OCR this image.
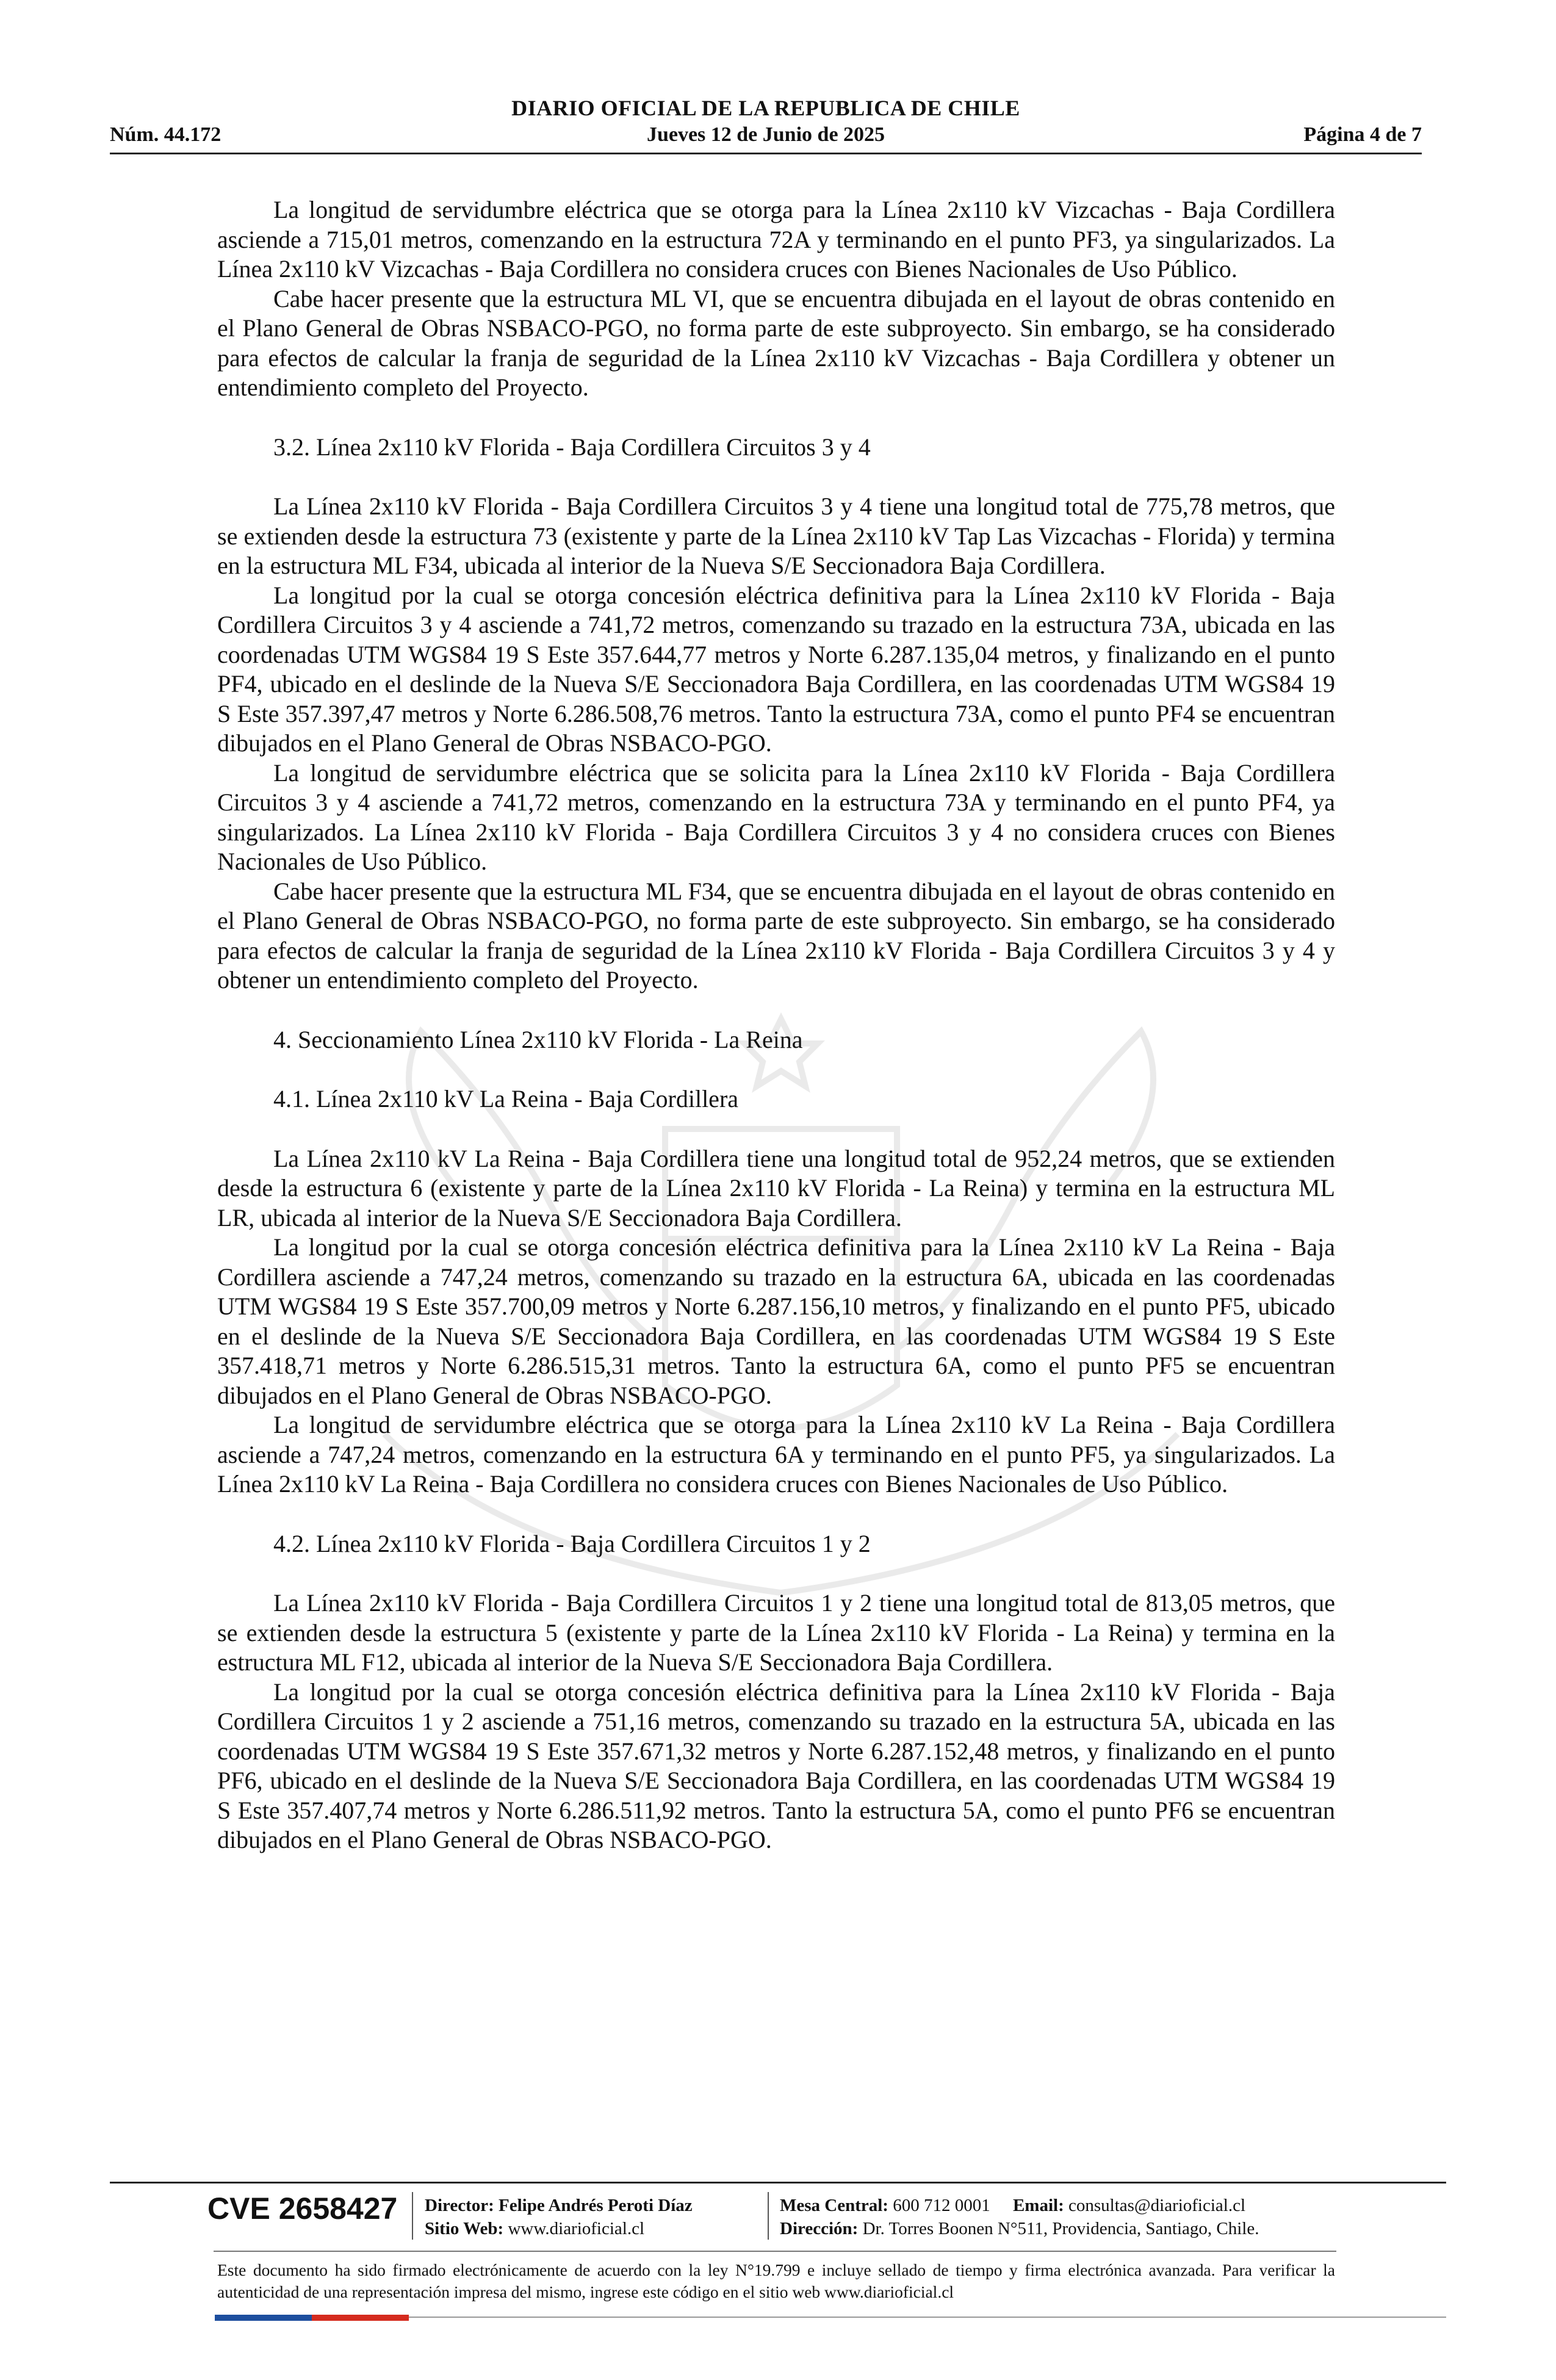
DIARIO OFICIAL DE LA REPUBLICA DE CHILE
Núm. 44.172	Jueves 12 de Junio de 2025	Página 4 de 7

La longitud de servidumbre eléctrica que se otorga para la Línea 2x110 kV Vizcachas - Baja Cordillera asciende a 715,01 metros, comenzando en la estructura 72A y terminando en el punto PF3, ya singularizados. La Línea 2x110 kV Vizcachas - Baja Cordillera no considera cruces con Bienes Nacionales de Uso Público.

Cabe hacer presente que la estructura ML VI, que se encuentra dibujada en el layout de obras contenido en el Plano General de Obras NSBACO-PGO, no forma parte de este subproyecto. Sin embargo, se ha considerado para efectos de calcular la franja de seguridad de la Línea 2x110 kV Vizcachas - Baja Cordillera y obtener un entendimiento completo del Proyecto.

3.2. Línea 2x110 kV Florida - Baja Cordillera Circuitos 3 y 4

La Línea 2x110 kV Florida - Baja Cordillera Circuitos 3 y 4 tiene una longitud total de 775,78 metros, que se extienden desde la estructura 73 (existente y parte de la Línea 2x110 kV Tap Las Vizcachas - Florida) y termina en la estructura ML F34, ubicada al interior de la Nueva S/E Seccionadora Baja Cordillera.

La longitud por la cual se otorga concesión eléctrica definitiva para la Línea 2x110 kV Florida - Baja Cordillera Circuitos 3 y 4 asciende a 741,72 metros, comenzando su trazado en la estructura 73A, ubicada en las coordenadas UTM WGS84 19 S Este 357.644,77 metros y Norte 6.287.135,04 metros, y finalizando en el punto PF4, ubicado en el deslinde de la Nueva S/E Seccionadora Baja Cordillera, en las coordenadas UTM WGS84 19 S Este 357.397,47 metros y Norte 6.286.508,76 metros. Tanto la estructura 73A, como el punto PF4 se encuentran dibujados en el Plano General de Obras NSBACO-PGO.

La longitud de servidumbre eléctrica que se solicita para la Línea 2x110 kV Florida - Baja Cordillera Circuitos 3 y 4 asciende a 741,72 metros, comenzando en la estructura 73A y terminando en el punto PF4, ya singularizados. La Línea 2x110 kV Florida - Baja Cordillera Circuitos 3 y 4 no considera cruces con Bienes Nacionales de Uso Público.

Cabe hacer presente que la estructura ML F34, que se encuentra dibujada en el layout de obras contenido en el Plano General de Obras NSBACO-PGO, no forma parte de este subproyecto. Sin embargo, se ha considerado para efectos de calcular la franja de seguridad de la Línea 2x110 kV Florida - Baja Cordillera Circuitos 3 y 4 y obtener un entendimiento completo del Proyecto.

4. Seccionamiento Línea 2x110 kV Florida - La Reina
4.1. Línea 2x110 kV La Reina - Baja Cordillera

La Línea 2x110 kV La Reina - Baja Cordillera tiene una longitud total de 952,24 metros, que se extienden desde la estructura 6 (existente y parte de la Línea 2x110 kV Florida - La Reina) y termina en la estructura ML LR, ubicada al interior de la Nueva S/E Seccionadora Baja Cordillera.

La longitud por la cual se otorga concesión eléctrica definitiva para la Línea 2x110 kV La Reina - Baja Cordillera asciende a 747,24 metros, comenzando su trazado en la estructura 6A, ubicada en las coordenadas UTM WGS84 19 S Este 357.700,09 metros y Norte 6.287.156,10 metros, y finalizando en el punto PF5, ubicado en el deslinde de la Nueva S/E Seccionadora Baja Cordillera, en las coordenadas UTM WGS84 19 S Este 357.418,71 metros y Norte 6.286.515,31 metros. Tanto la estructura 6A, como el punto PF5 se encuentran dibujados en el Plano General de Obras NSBACO-PGO.

La longitud de servidumbre eléctrica que se otorga para la Línea 2x110 kV La Reina - Baja Cordillera asciende a 747,24 metros, comenzando en la estructura 6A y terminando en el punto PF5, ya singularizados. La Línea 2x110 kV La Reina - Baja Cordillera no considera cruces con Bienes Nacionales de Uso Público.

4.2. Línea 2x110 kV Florida - Baja Cordillera Circuitos 1 y 2

La Línea 2x110 kV Florida - Baja Cordillera Circuitos 1 y 2 tiene una longitud total de 813,05 metros, que se extienden desde la estructura 5 (existente y parte de la Línea 2x110 kV Florida - La Reina) y termina en la estructura ML F12, ubicada al interior de la Nueva S/E Seccionadora Baja Cordillera.

La longitud por la cual se otorga concesión eléctrica definitiva para la Línea 2x110 kV Florida - Baja Cordillera Circuitos 1 y 2 asciende a 751,16 metros, comenzando su trazado en la estructura 5A, ubicada en las coordenadas UTM WGS84 19 S Este 357.671,32 metros y Norte 6.287.152,48 metros, y finalizando en el punto PF6, ubicado en el deslinde de la Nueva S/E Seccionadora Baja Cordillera, en las coordenadas UTM WGS84 19 S Este 357.407,74 metros y Norte 6.286.511,92 metros. Tanto la estructura 5A, como el punto PF6 se encuentran dibujados en el Plano General de Obras NSBACO-PGO.

CVE 2658427 Director: Felipe Andrés Peroti Díaz
Sitio Web: www.diarioficial.cl
Mesa Central: 600 712 0001 Email: consultas@diarioficial.cl
Dirección: Dr. Torres Boonen N°511, Providencia, Santiago, Chile.
Este documento ha sido firmado electrónicamente de acuerdo con la ley N°19.799 e incluye sellado de tiempo y firma electrónica avanzada. Para verificar la autenticidad de una representación impresa del mismo, ingrese este código en el sitio web www.diarioficial.cl
